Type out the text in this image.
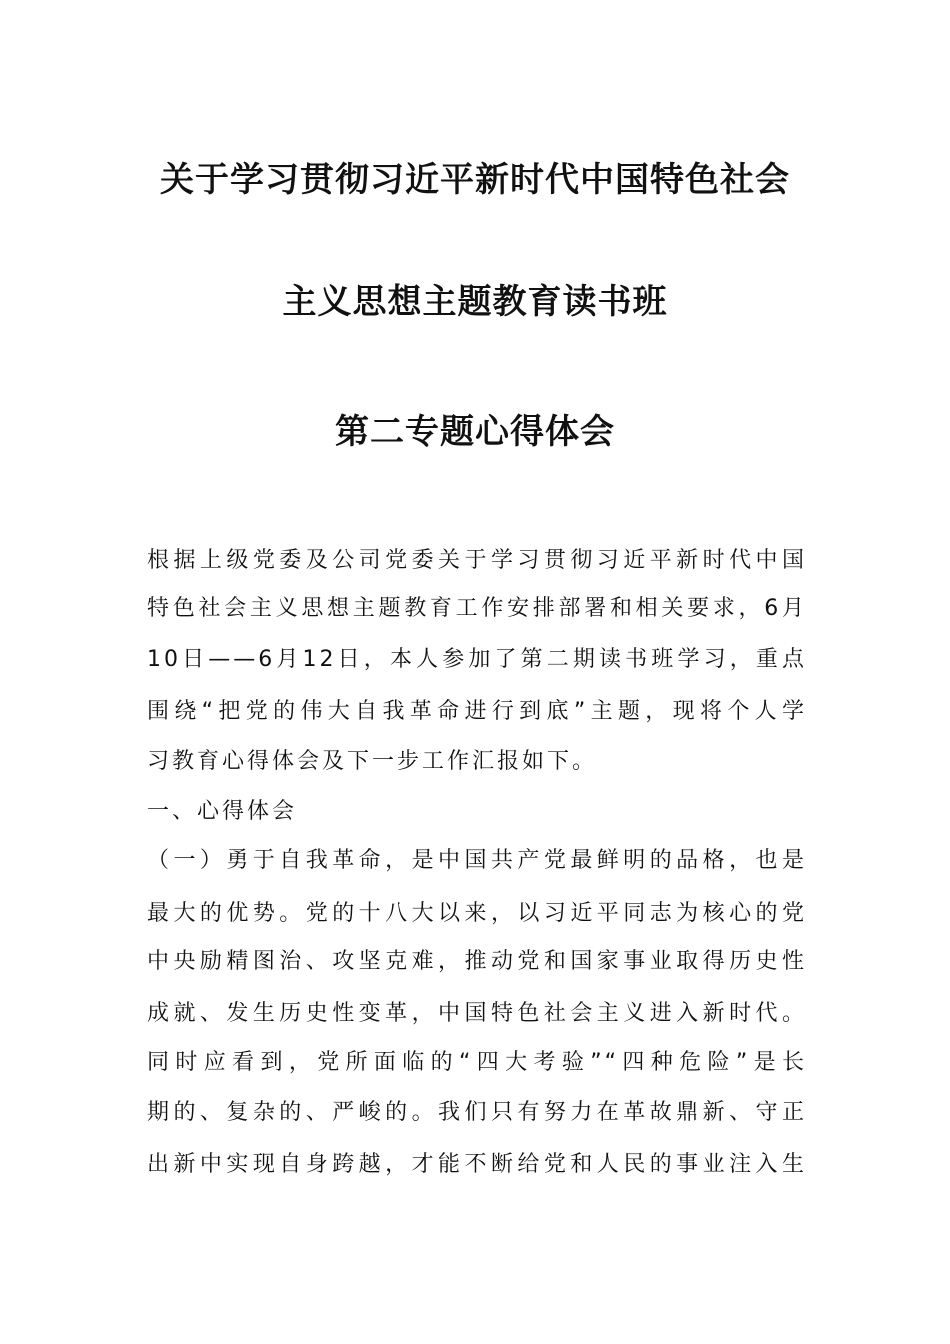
关于学习贯彻习近平新时代中国特色社会
主义思想主题教育读书班
第二专题心得体会
根据上级党委及公司党委关于学习贯彻习近平新时代中国
特色社会主义思想主题教育工作安排部署和相关要求，6月
10日——6月12日，本人参加了第二期读书班学习，重点
围绕“把党的伟大自我革命进行到底”主题，现将个人学
习教育心得体会及下一步工作汇报如下。
一、心得体会
（一）勇于自我革命，是中国共产党最鲜明的品格，也是
最大的优势。党的十八大以来，以习近平同志为核心的党
中央励精图治、攻坚克难，推动党和国家事业取得历史性
成就、发生历史性变革，中国特色社会主义进入新时代。
同时应看到，党所面临的“四大考验”“四种危险”是长
期的、复杂的、严峻的。我们只有努力在革故鼎新、守正
出新中实现自身跨越，才能不断给党和人民的事业注入生
